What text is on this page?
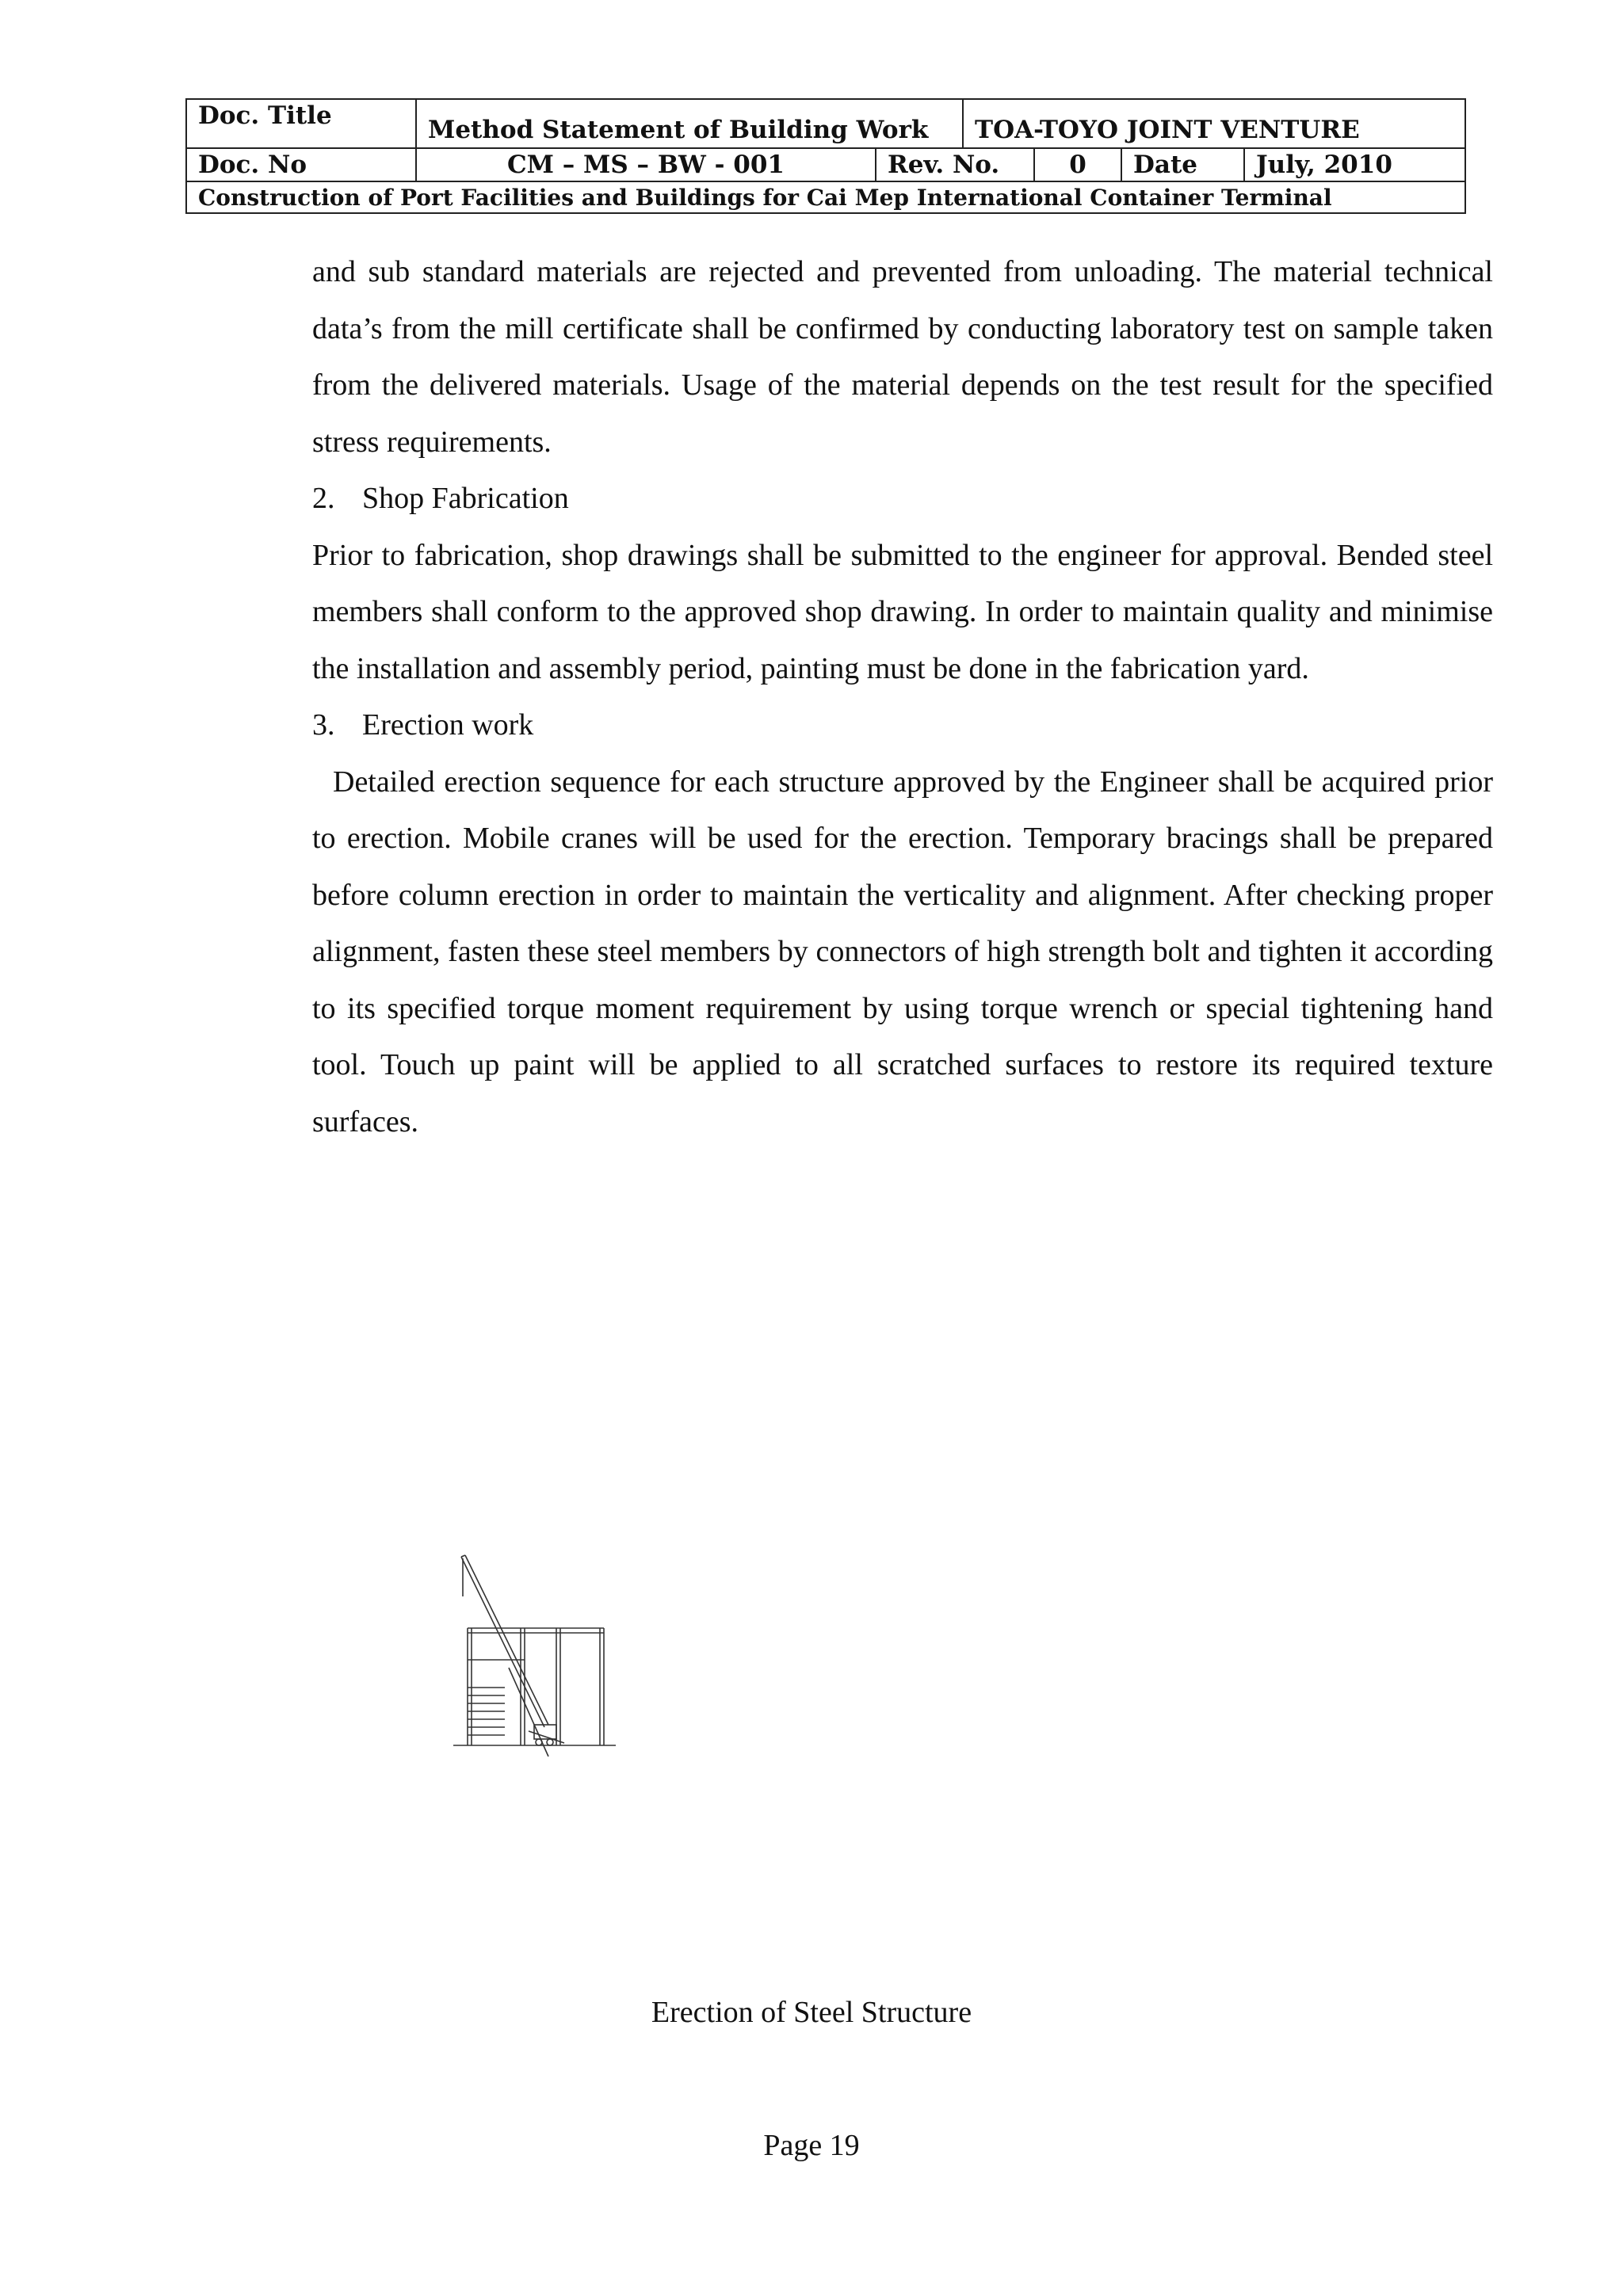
Doc. Title	Method Statement of Building Work	TOA-TOYO JOINT VENTURE
Doc. No	CM – MS – BW - 001	Rev. No.	0	Date	July, 2010
Construction of Port Facilities and Buildings for Cai Mep International Container Terminal

and sub standard materials are rejected and prevented from unloading. The material technical data’s from the mill certificate shall be confirmed by conducting laboratory test on sample taken from the delivered materials. Usage of the material depends on the test result for the specified stress requirements.

2. Shop Fabrication

Prior to fabrication, shop drawings shall be submitted to the engineer for approval. Bended steel members shall conform to the approved shop drawing. In order to maintain quality and minimise the installation and assembly period, painting must be done in the fabrication yard.

3. Erection work

Detailed erection sequence for each structure approved by the Engineer shall be acquired prior to erection. Mobile cranes will be used for the erection. Temporary bracings shall be prepared before column erection in order to maintain the verticality and alignment. After checking proper alignment, fasten these steel members by connectors of high strength bolt and tighten it according to its specified torque moment requirement by using torque wrench or special tightening hand tool. Touch up paint will be applied to all scratched surfaces to restore its required texture surfaces.

Erection of Steel Structure
Page 19
